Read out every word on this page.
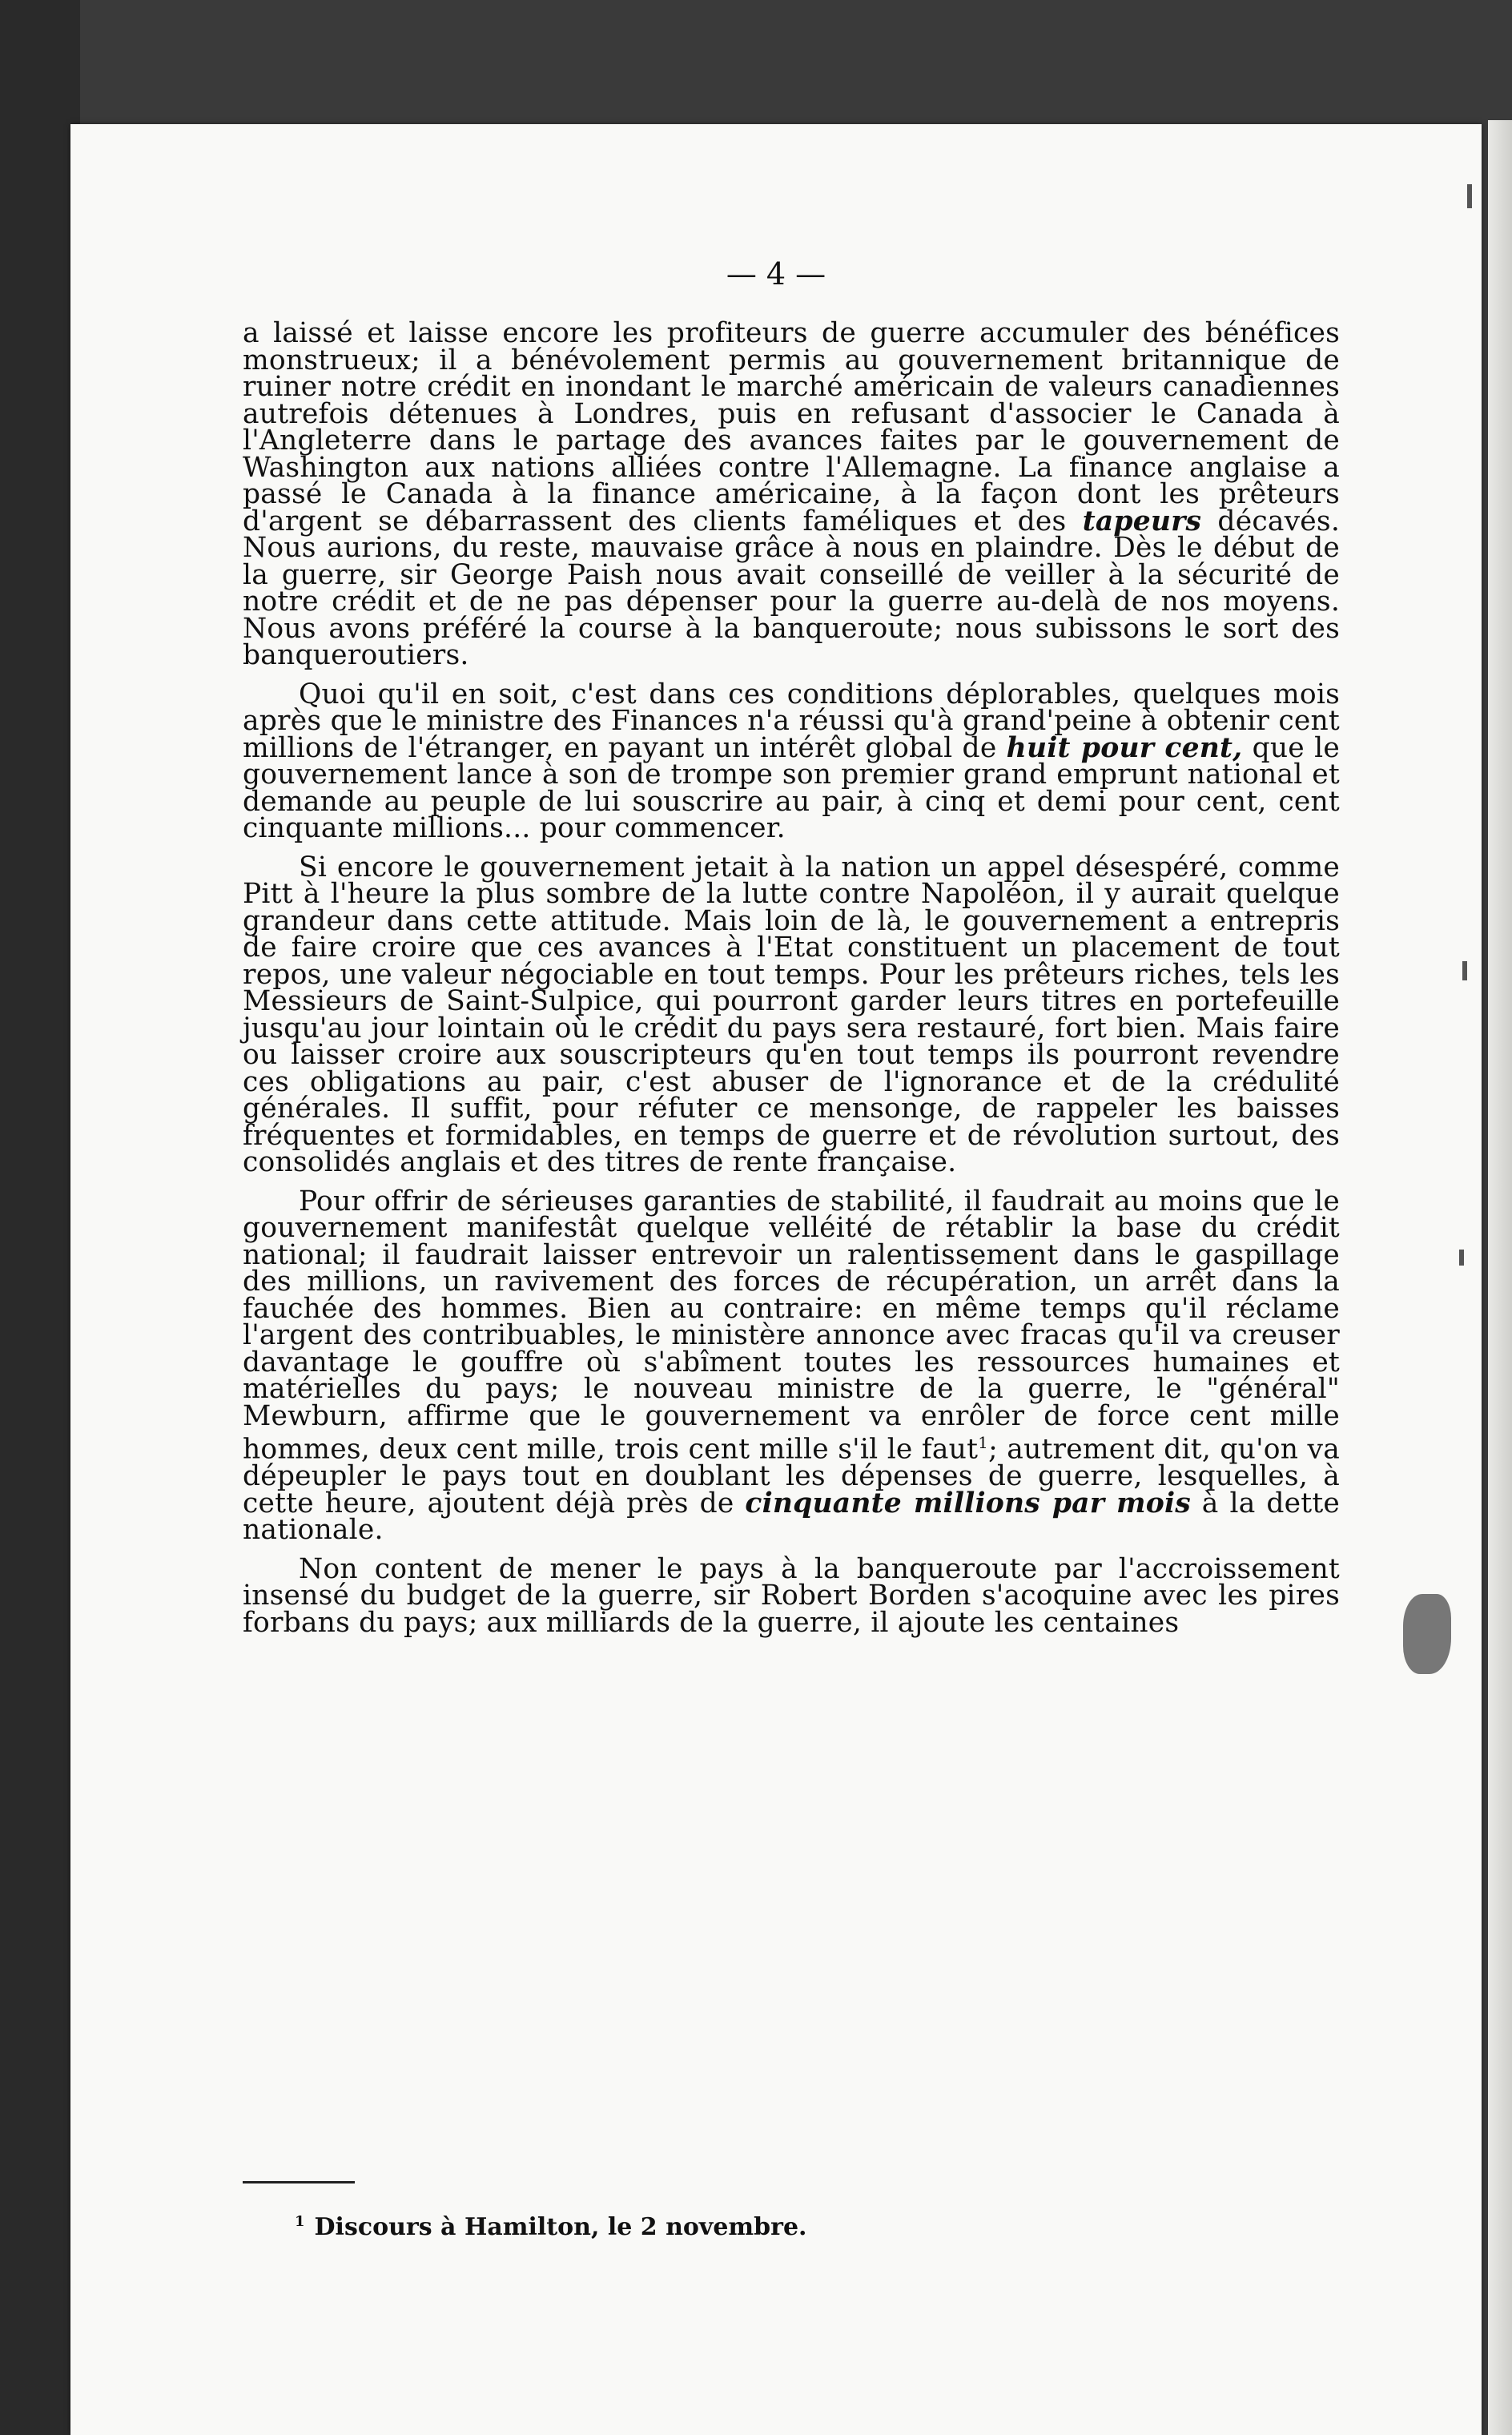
— 4 —

a laissé et laisse encore les profiteurs de guerre accumuler des bénéfices monstrueux; il a bénévolement permis au gouvernement britannique de ruiner notre crédit en inondant le marché américain de valeurs canadiennes autrefois détenues à Londres, puis en refusant d'associer le Canada à l'Angleterre dans le partage des avances faites par le gouvernement de Washington aux nations alliées contre l'Allemagne. La finance anglaise a passé le Canada à la finance américaine, à la façon dont les prêteurs d'argent se débarrassent des clients faméliques et des tapeurs décavés. Nous aurions, du reste, mauvaise grâce à nous en plaindre. Dès le début de la guerre, sir George Paish nous avait conseillé de veiller à la sécurité de notre crédit et de ne pas dépenser pour la guerre au-delà de nos moyens. Nous avons préféré la course à la banqueroute; nous subissons le sort des banqueroutiers.

Quoi qu'il en soit, c'est dans ces conditions déplorables, quelques mois après que le ministre des Finances n'a réussi qu'à grand'peine à obtenir cent millions de l'étranger, en payant un intérêt global de huit pour cent, que le gouvernement lance à son de trompe son premier grand emprunt national et demande au peuple de lui souscrire au pair, à cinq et demi pour cent, cent cinquante millions... pour commencer.

Si encore le gouvernement jetait à la nation un appel désespéré, comme Pitt à l'heure la plus sombre de la lutte contre Napoléon, il y aurait quelque grandeur dans cette attitude. Mais loin de là, le gouvernement a entrepris de faire croire que ces avances à l'Etat constituent un placement de tout repos, une valeur négociable en tout temps. Pour les prêteurs riches, tels les Messieurs de Saint-Sulpice, qui pourront garder leurs titres en portefeuille jusqu'au jour lointain où le crédit du pays sera restauré, fort bien. Mais faire ou laisser croire aux souscripteurs qu'en tout temps ils pourront revendre ces obligations au pair, c'est abuser de l'ignorance et de la crédulité générales. Il suffit, pour réfuter ce mensonge, de rappeler les baisses fréquentes et formidables, en temps de guerre et de révolution surtout, des consolidés anglais et des titres de rente française.

Pour offrir de sérieuses garanties de stabilité, il faudrait au moins que le gouvernement manifestât quelque velléité de rétablir la base du crédit national; il faudrait laisser entrevoir un ralentissement dans le gaspillage des millions, un ravivement des forces de récupération, un arrêt dans la fauchée des hommes. Bien au contraire: en même temps qu'il réclame l'argent des contribuables, le ministère annonce avec fracas qu'il va creuser davantage le gouffre où s'abîment toutes les ressources humaines et matérielles du pays; le nouveau ministre de la guerre, le "général" Mewburn, affirme que le gouvernement va enrôler de force cent mille hommes, deux cent mille, trois cent mille s'il le faut$^1$; autrement dit, qu'on va dépeupler le pays tout en doublant les dépenses de guerre, lesquelles, à cette heure, ajoutent déjà près de cinquante millions par mois à la dette nationale.

Non content de mener le pays à la banqueroute par l'accroissement insensé du budget de la guerre, sir Robert Borden s'acoquine avec les pires forbans du pays; aux milliards de la guerre, il ajoute les centaines

$^1$ Discours à Hamilton, le 2 novembre.
